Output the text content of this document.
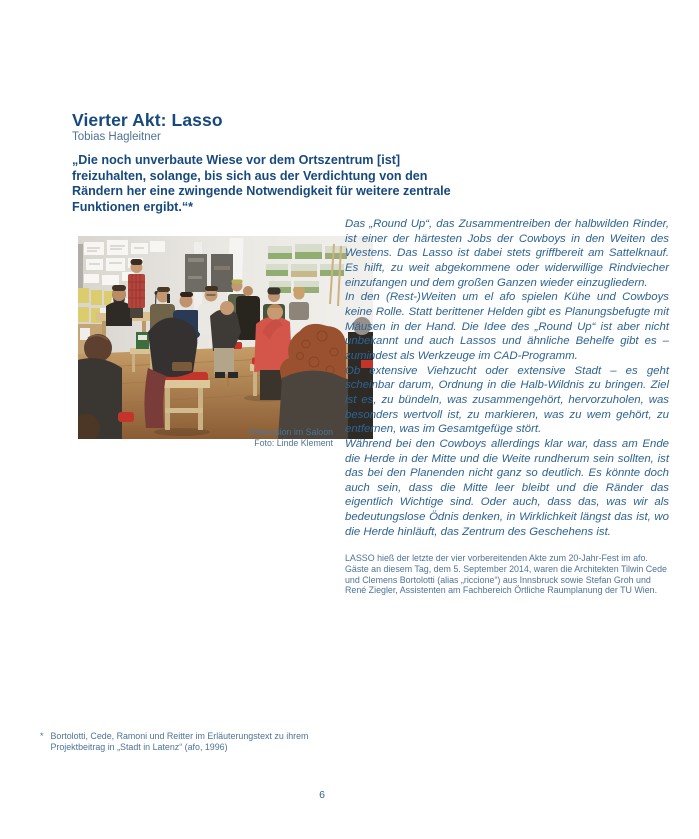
Vierter Akt: Lasso
Tobias Hagleitner
„Die noch unverbaute Wiese vor dem Ortszentrum [ist] freizuhalten, solange, bis sich aus der Verdichtung von den Rändern her eine zwingende Notwendigkeit für weitere zentrale Funktionen ergibt.“*
Diskussion im Saloon
Foto: Linde Klement

Das „Round Up“, das Zusammentreiben der halbwilden Rinder, ist einer der härtesten Jobs der Cowboys in den Weiten des Westens. Das Lasso ist dabei stets griffbereit am Sattelknauf. Es hilft, zu weit abgekommene oder widerwillige Rindviecher einzufangen und dem großen Ganzen wieder einzugliedern.

In den (Rest-)Weiten um el afo spielen Kühe und Cowboys keine Rolle. Statt berittener Helden gibt es Planungsbefugte mit Mäusen in der Hand. Die Idee des „Round Up“ ist aber nicht unbekannt und auch Lassos und ähnliche Behelfe gibt es – zumindest als Werkzeuge im CAD-Programm.

Ob extensive Viehzucht oder extensive Stadt – es geht scheinbar darum, Ordnung in die Halb-Wildnis zu bringen. Ziel ist es, zu bündeln, was zusammengehört, hervorzuholen, was besonders wertvoll ist, zu markieren, was zu wem gehört, zu entfernen, was im Gesamtgefüge stört.

Während bei den Cowboys allerdings klar war, dass am Ende die Herde in der Mitte und die Weite rundherum sein sollten, ist das bei den Planenden nicht ganz so deutlich. Es könnte doch auch sein, dass die Mitte leer bleibt und die Ränder das eigentlich Wichtige sind. Oder auch, dass das, was wir als bedeutungslose Ödnis denken, in Wirklichkeit längst das ist, wo die Herde hinläuft, das Zentrum des Geschehens ist.

LASSO hieß der letzte der vier vorbereitenden Akte zum 20-Jahr-Fest im afo. Gäste an diesem Tag, dem 5. September 2014, waren die Architekten Tilwin Cede und Clemens Bortolotti (alias „riccione“) aus Innsbruck sowie Stefan Groh und René Ziegler, Assistenten am Fachbereich Örtliche Raumplanung der TU Wien.
* Bortolotti, Cede, Ramoni und Reitter im Erläuterungstext zu ihrem Projektbeitrag in „Stadt in Latenz“ (afo, 1996)
6
